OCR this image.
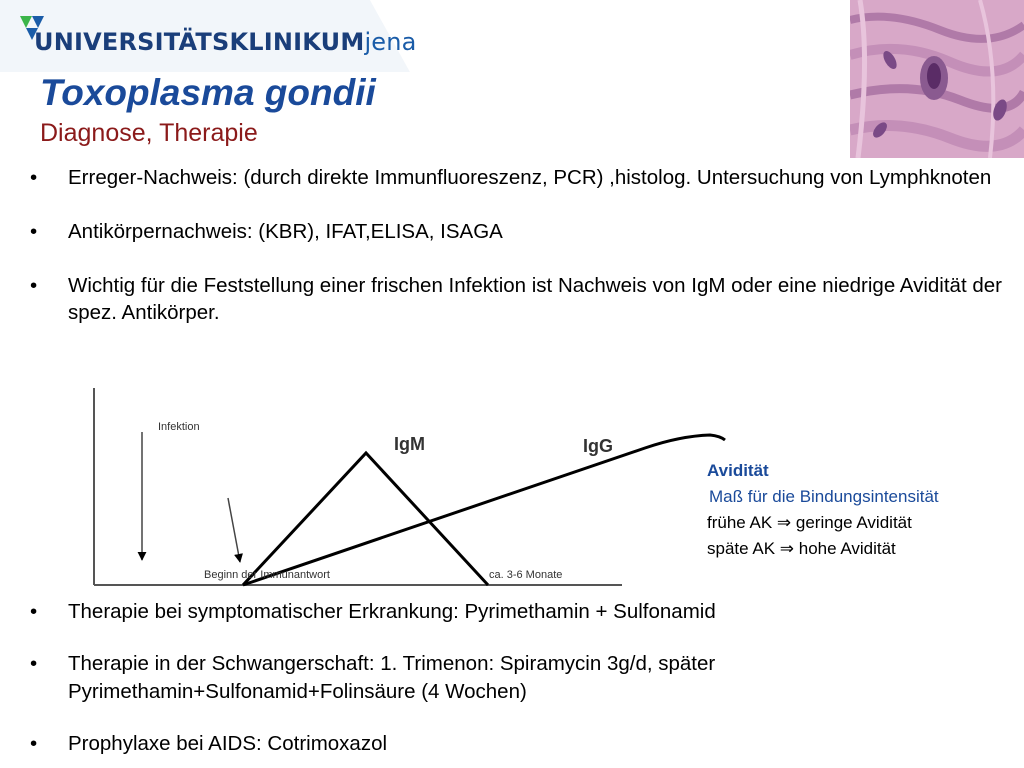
UNIVERSITÄTSKLINIKUMjena
Toxoplasma gondii
Diagnose, Therapie
• Erreger-Nachweis: (durch direkte Immunfluoreszenz, PCR) ,histolog. Untersuchung von Lymphknoten
• Antikörpernachweis: (KBR), IFAT,ELISA, ISAGA
• Wichtig für die Feststellung einer frischen Infektion ist Nachweis von IgM oder eine niedrige Avidität der spez. Antikörper.
Infektion
IgM	IgG
Beginn der Immunantwort	ca. 3-6 Monate
Avidität
Maß für die Bindungsintensität
frühe AK ⇒ geringe Avidität
späte AK ⇒ hohe Avidität
• Therapie bei symptomatischer Erkrankung: Pyrimethamin + Sulfonamid
• Therapie in der Schwangerschaft: 1. Trimenon: Spiramycin 3g/d, später Pyrimethamin+Sulfonamid+Folinsäure (4 Wochen)
• Prophylaxe bei AIDS: Cotrimoxazol
